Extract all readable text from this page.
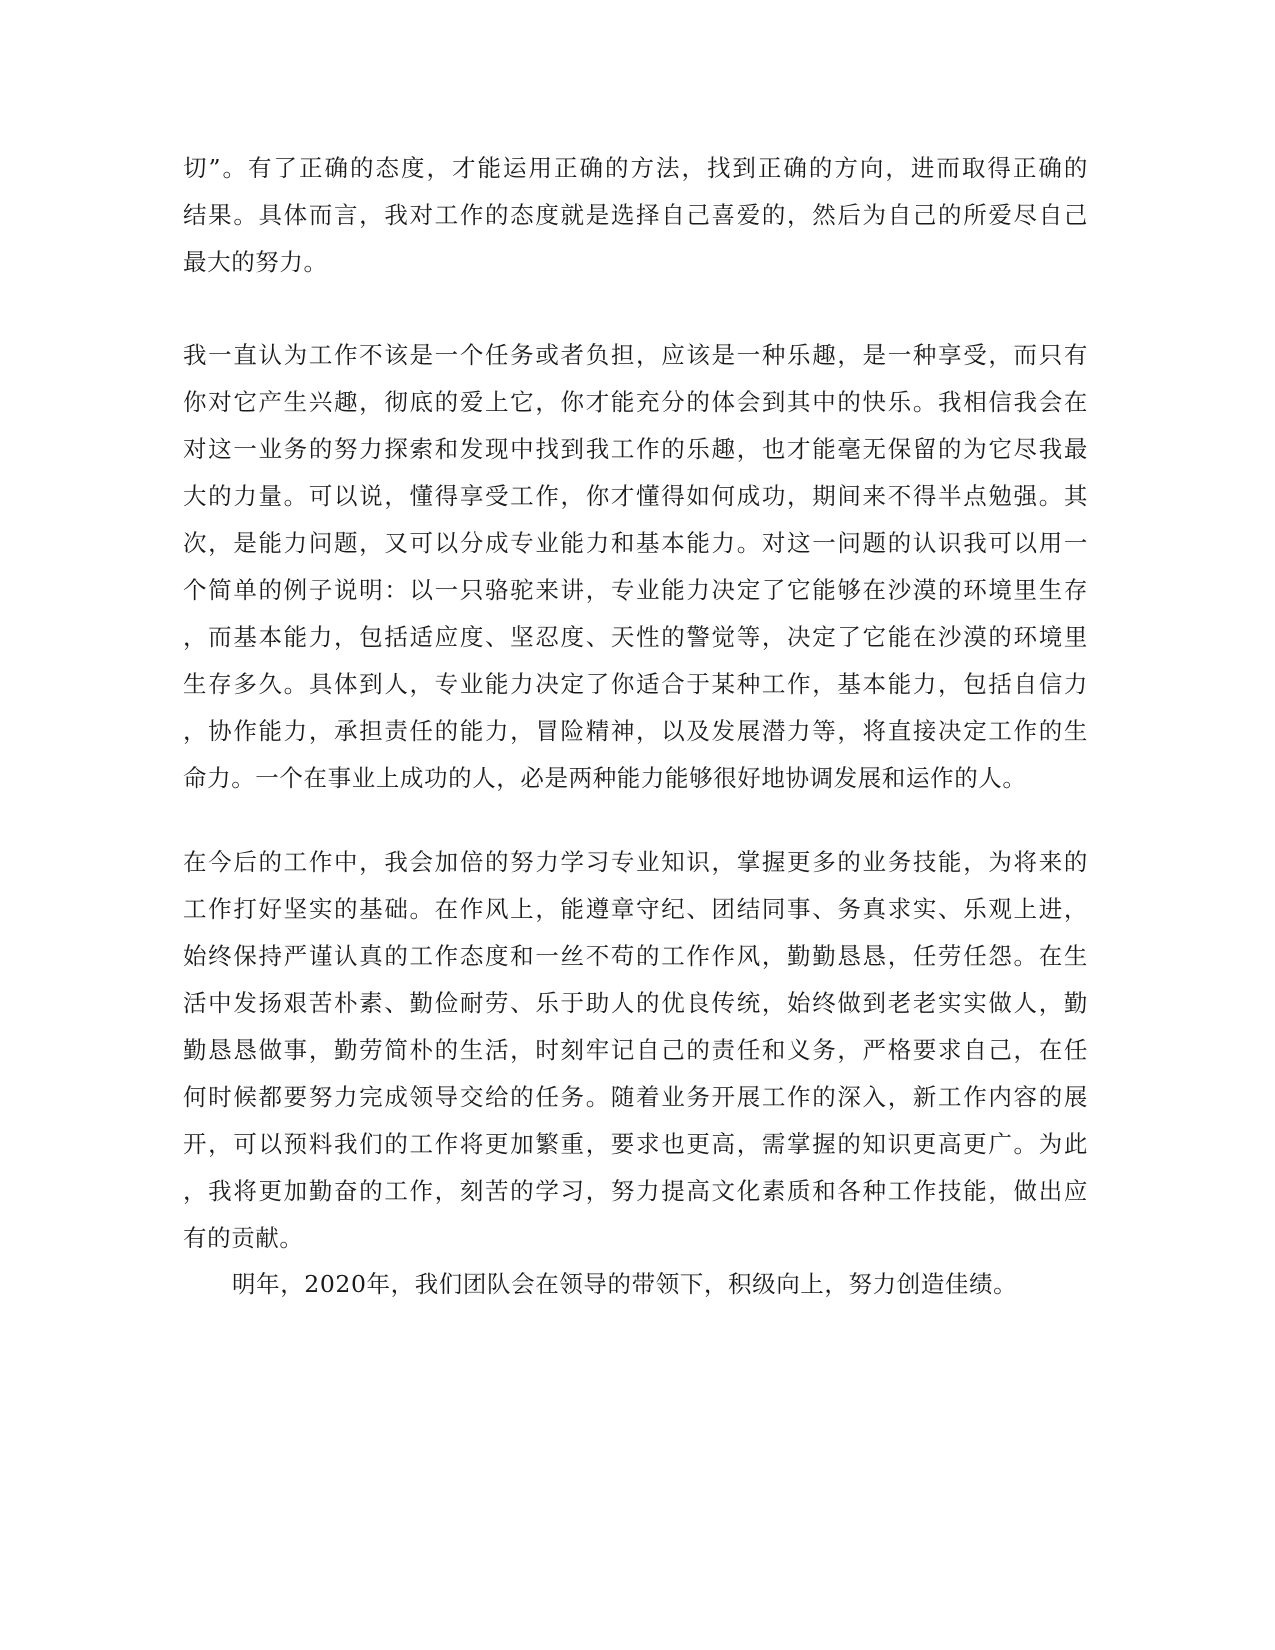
切”。有了正确的态度，才能运用正确的方法，找到正确的方向，进而取得正确的
结果。具体而言，我对工作的态度就是选择自己喜爱的，然后为自己的所爱尽自己
最大的努力。
我一直认为工作不该是一个任务或者负担，应该是一种乐趣，是一种享受，而只有
你对它产生兴趣，彻底的爱上它，你才能充分的体会到其中的快乐。我相信我会在
对这一业务的努力探索和发现中找到我工作的乐趣，也才能毫无保留的为它尽我最
大的力量。可以说，懂得享受工作，你才懂得如何成功，期间来不得半点勉强。其
次，是能力问题，又可以分成专业能力和基本能力。对这一问题的认识我可以用一
个简单的例子说明：以一只骆驼来讲，专业能力决定了它能够在沙漠的环境里生存
，而基本能力，包括适应度、坚忍度、天性的警觉等，决定了它能在沙漠的环境里
生存多久。具体到人，专业能力决定了你适合于某种工作，基本能力，包括自信力
，协作能力，承担责任的能力，冒险精神，以及发展潜力等，将直接决定工作的生
命力。一个在事业上成功的人，必是两种能力能够很好地协调发展和运作的人。
在今后的工作中，我会加倍的努力学习专业知识，掌握更多的业务技能，为将来的
工作打好坚实的基础。在作风上，能遵章守纪、团结同事、务真求实、乐观上进，
始终保持严谨认真的工作态度和一丝不苟的工作作风，勤勤恳恳，任劳任怨。在生
活中发扬艰苦朴素、勤俭耐劳、乐于助人的优良传统，始终做到老老实实做人，勤
勤恳恳做事，勤劳简朴的生活，时刻牢记自己的责任和义务，严格要求自己，在任
何时候都要努力完成领导交给的任务。随着业务开展工作的深入，新工作内容的展
开，可以预料我们的工作将更加繁重，要求也更高，需掌握的知识更高更广。为此
，我将更加勤奋的工作，刻苦的学习，努力提高文化素质和各种工作技能，做出应
有的贡献。
明年，2020年，我们团队会在领导的带领下，积级向上，努力创造佳绩。
